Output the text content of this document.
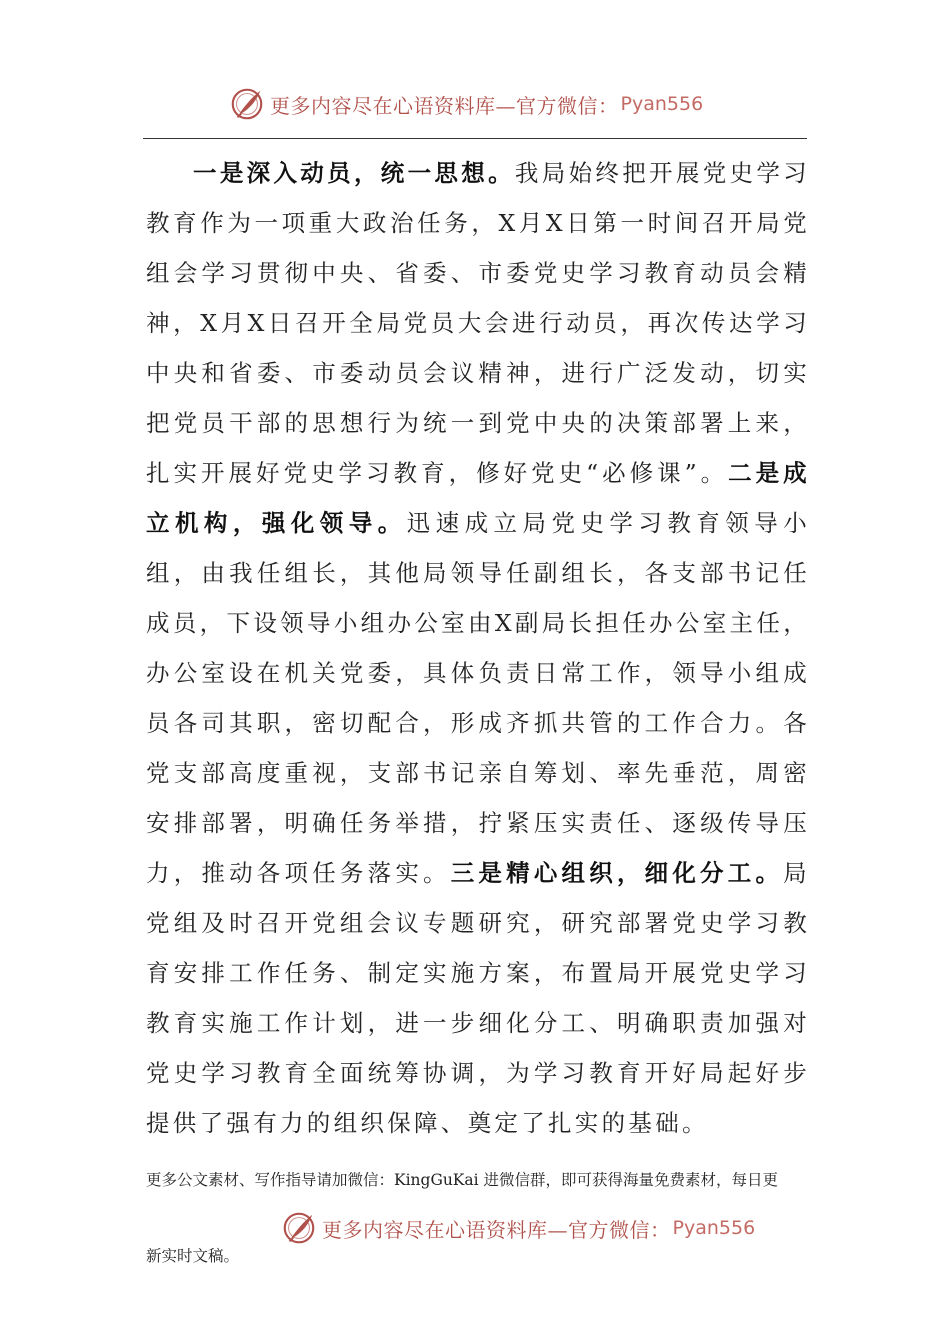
更多内容尽在心语资料库—官方微信： Pyan556

一是深入动员，统一思想。我局始终把开展党史学习教育作为一项重大政治任务，X月X日第一时间召开局党组会学习贯彻中央、省委、市委党史学习教育动员会精神，X月X日召开全局党员大会进行动员，再次传达学习中央和省委、市委动员会议精神，进行广泛发动，切实把党员干部的思想行为统一到党中央的决策部署上来，扎实开展好党史学习教育，修好党史“必修课”。二是成立机构，强化领导。迅速成立局党史学习教育领导小组，由我任组长，其他局领导任副组长，各支部书记任成员，下设领导小组办公室由X副局长担任办公室主任，办公室设在机关党委，具体负责日常工作，领导小组成员各司其职，密切配合，形成齐抓共管的工作合力。各党支部高度重视，支部书记亲自筹划、率先垂范，周密安排部署，明确任务举措，拧紧压实责任、逐级传导压力，推动各项任务落实。三是精心组织，细化分工。局党组及时召开党组会议专题研究，研究部署党史学习教育安排工作任务、制定实施方案，布置局开展党史学习教育实施工作计划，进一步细化分工、明确职责加强对党史学习教育全面统筹协调，为学习教育开好局起好步提供了强有力的组织保障、奠定了扎实的基础。

更多公文素材、写作指导请加微信：KingGuKai 进微信群，即可获得海量免费素材，每日更

更多内容尽在心语资料库—官方微信： Pyan556

新实时文稿。
